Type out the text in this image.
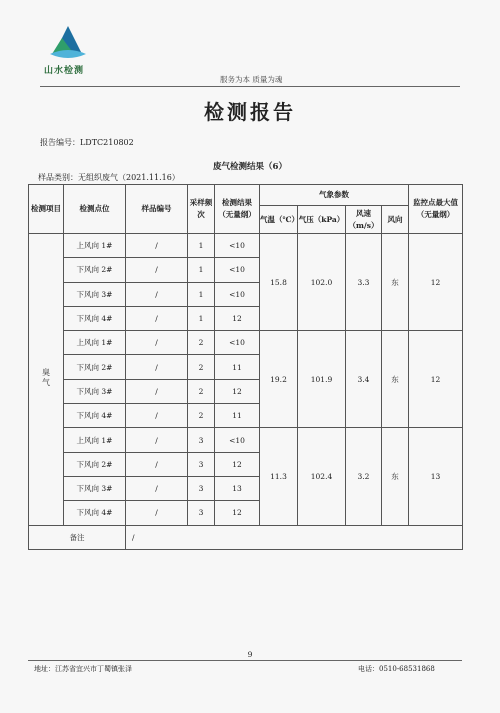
山水检测
服务为本 质量为魂
检测报告
报告编号：LDTC210802
废气检测结果（6）
样品类别：无组织废气（2021.11.16）
检测项目	检测点位	样品编号	采样频次	检测结果（无量纲）	气象参数				监控点最大值（无量纲）
					气温（℃）	气压（kPa）	风速（m/s）	风向	
臭气	上风向 1#	/	1	<10	15.8	102.0	3.3	东	12
	下风向 2#	/	1	<10					
	下风向 3#	/	1	<10					
	下风向 4#	/	1	12					
	上风向 1#	/	2	<10	19.2	101.9	3.4	东	12
	下风向 2#	/	2	11					
	下风向 3#	/	2	12					
	下风向 4#	/	2	11					
	上风向 1#	/	3	<10	11.3	102.4	3.2	东	13
	下风向 2#	/	3	12					
	下风向 3#	/	3	13					
	下风向 4#	/	3	12					
备注		/							
9
地址：江苏省宜兴市丁蜀镇张泽	电话：0510-68531868
